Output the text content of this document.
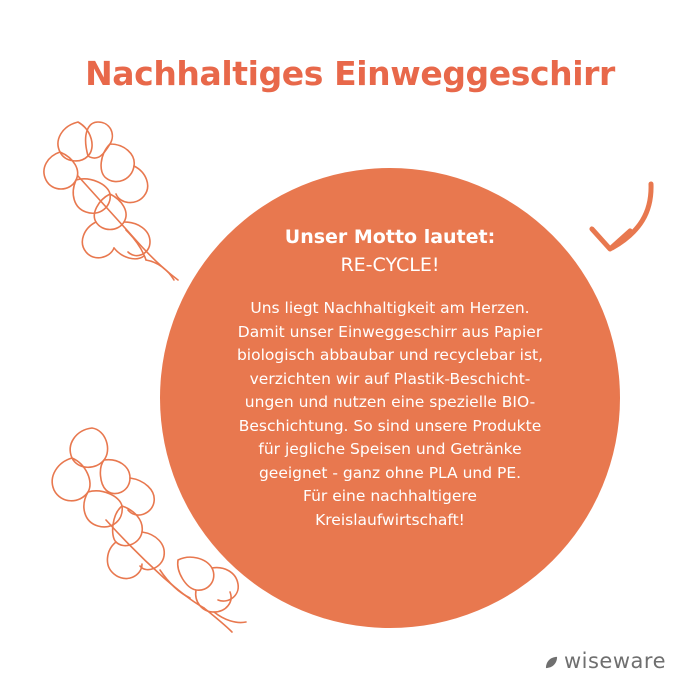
Nachhaltiges Einweggeschirr
Unser Motto lautet:
RE-CYCLE!
Uns liegt Nachhaltigkeit am Herzen.
Damit unser Einweggeschirr aus Papier
biologisch abbaubar und recyclebar ist,
verzichten wir auf Plastik-Beschicht-
ungen und nutzen eine spezielle BIO-
Beschichtung. So sind unsere Produkte
für jegliche Speisen und Getränke
geeignet - ganz ohne PLA und PE.
Für eine nachhaltigere
Kreislaufwirtschaft!
wiseware
